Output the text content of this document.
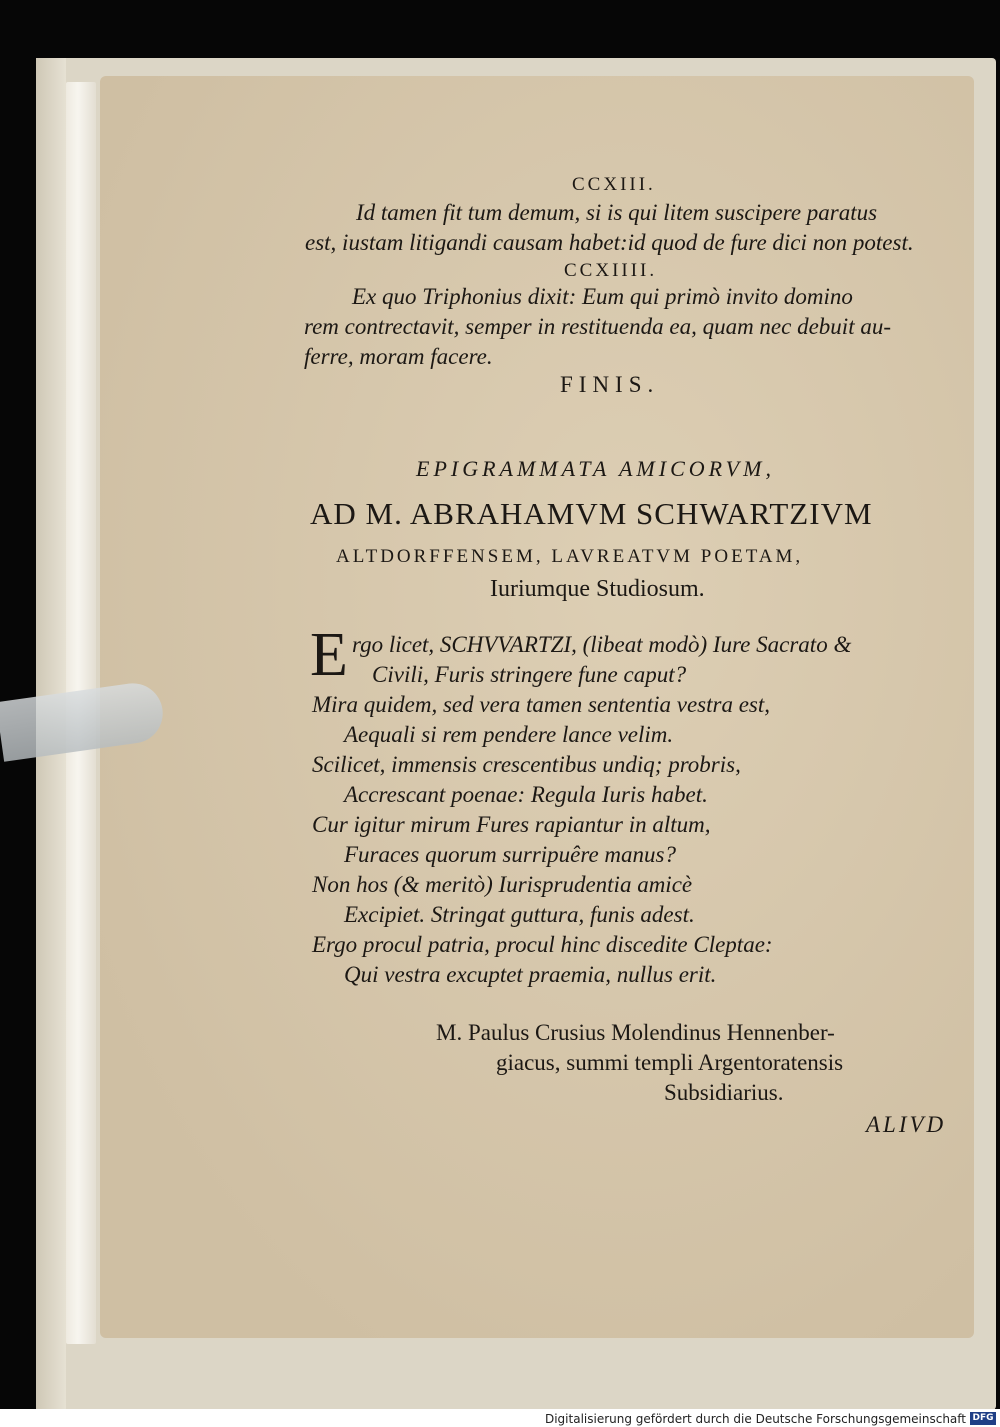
CCXIII.
Id tamen fit tum demum, si is qui litem suscipere paratus
est, iustam litigandi causam habet:id quod de fure dici non potest.
CCXIIII.
Ex quo Triphonius dixit: Eum qui primò invito domino
rem contrectavit, semper in restituenda ea, quam nec debuit au-
ferre, moram facere.
FINIS.
EPIGRAMMATA AMICORVM,
AD M. ABRAHAMVM SCHWARTZIVM
ALTDORFFENSEM, LAVREATVM POETAM,
Iuriumque Studiosum.
E rgo licet, SCHVVARTZI, (libeat modò) Iure Sacrato &
Civili, Furis stringere fune caput?
Mira quidem, sed vera tamen sententia vestra est,
Aequali si rem pendere lance velim.
Scilicet, immensis crescentibus undiq; probris,
Accrescant poenae: Regula Iuris habet.
Cur igitur mirum Fures rapiantur in altum,
Furaces quorum surripuêre manus?
Non hos (& meritò) Iurisprudentia amicè
Excipiet. Stringat guttura, funis adest.
Ergo procul patria, procul hinc discedite Cleptae:
Qui vestra excuptet praemia, nullus erit.
M. Paulus Crusius Molendinus Hennenber-
giacus, summi templi Argentoratensis
Subsidiarius.
ALIVD
Digitalisierung gefördert durch die Deutsche Forschungsgemeinschaft DFG
